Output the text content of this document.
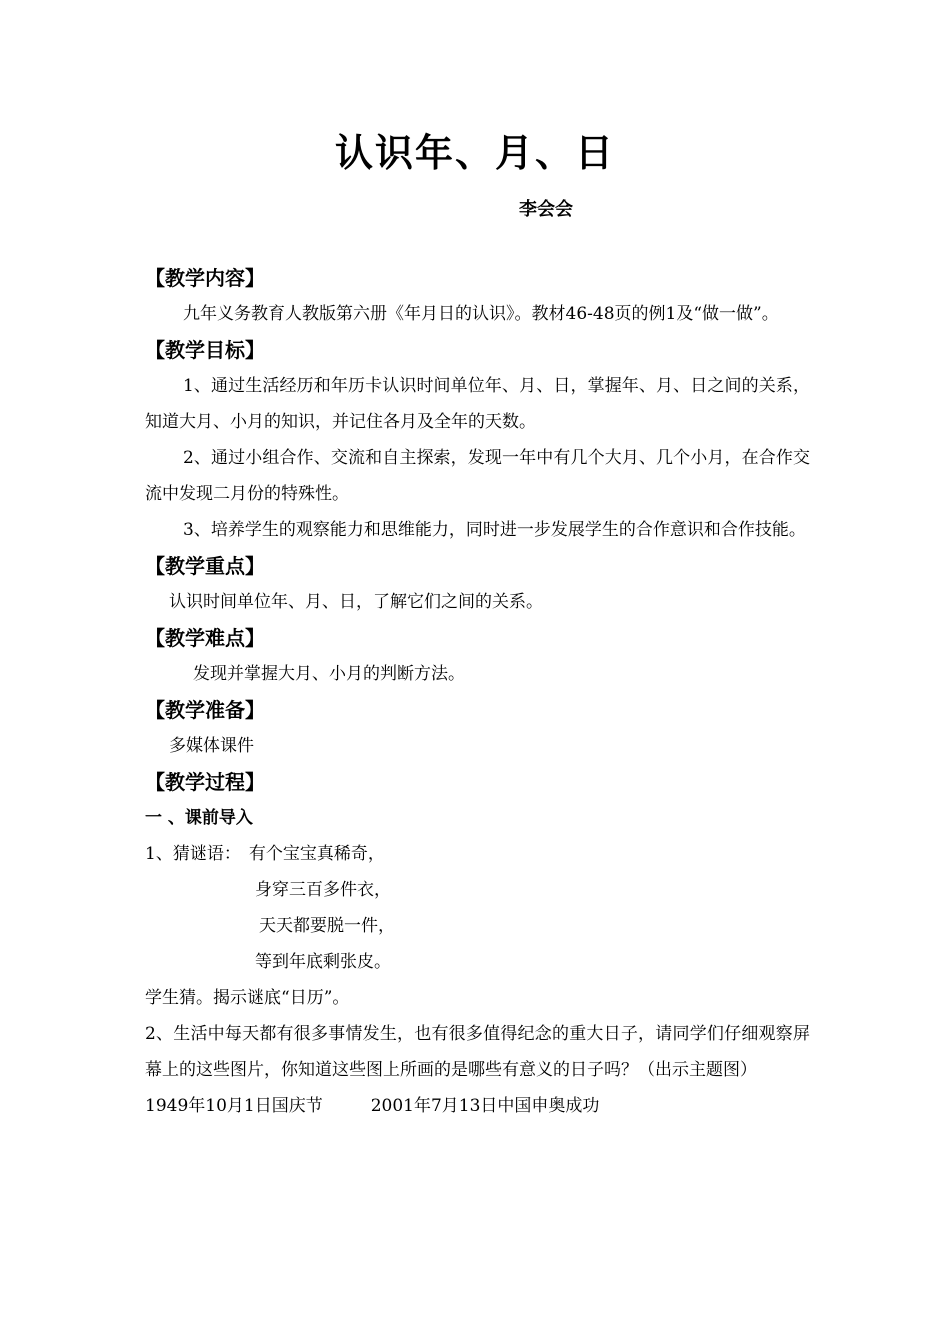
认识年、月、日
李会会
【教学内容】
九年义务教育人教版第六册《年月日的认识》。教材46-48页的例1及“做一做”。
【教学目标】
1、通过生活经历和年历卡认识时间单位年、月、日，掌握年、月、日之间的关系，知道大月、小月的知识，并记住各月及全年的天数。
2、通过小组合作、交流和自主探索，发现一年中有几个大月、几个小月，在合作交流中发现二月份的特殊性。
3、培养学生的观察能力和思维能力，同时进一步发展学生的合作意识和合作技能。
【教学重点】
认识时间单位年、月、日，了解它们之间的关系。
【教学难点】
发现并掌握大月、小月的判断方法。
【教学准备】
多媒体课件
【教学过程】
一 、课前导入
1、猜谜语： 有个宝宝真稀奇，
身穿三百多件衣，
天天都要脱一件，
等到年底剩张皮。
学生猜。揭示谜底“日历”。
2、生活中每天都有很多事情发生，也有很多值得纪念的重大日子，请同学们仔细观察屏幕上的这些图片，你知道这些图上所画的是哪些有意义的日子吗？（出示主题图）
1949年10月1日国庆节	2001年7月13日中国申奥成功
